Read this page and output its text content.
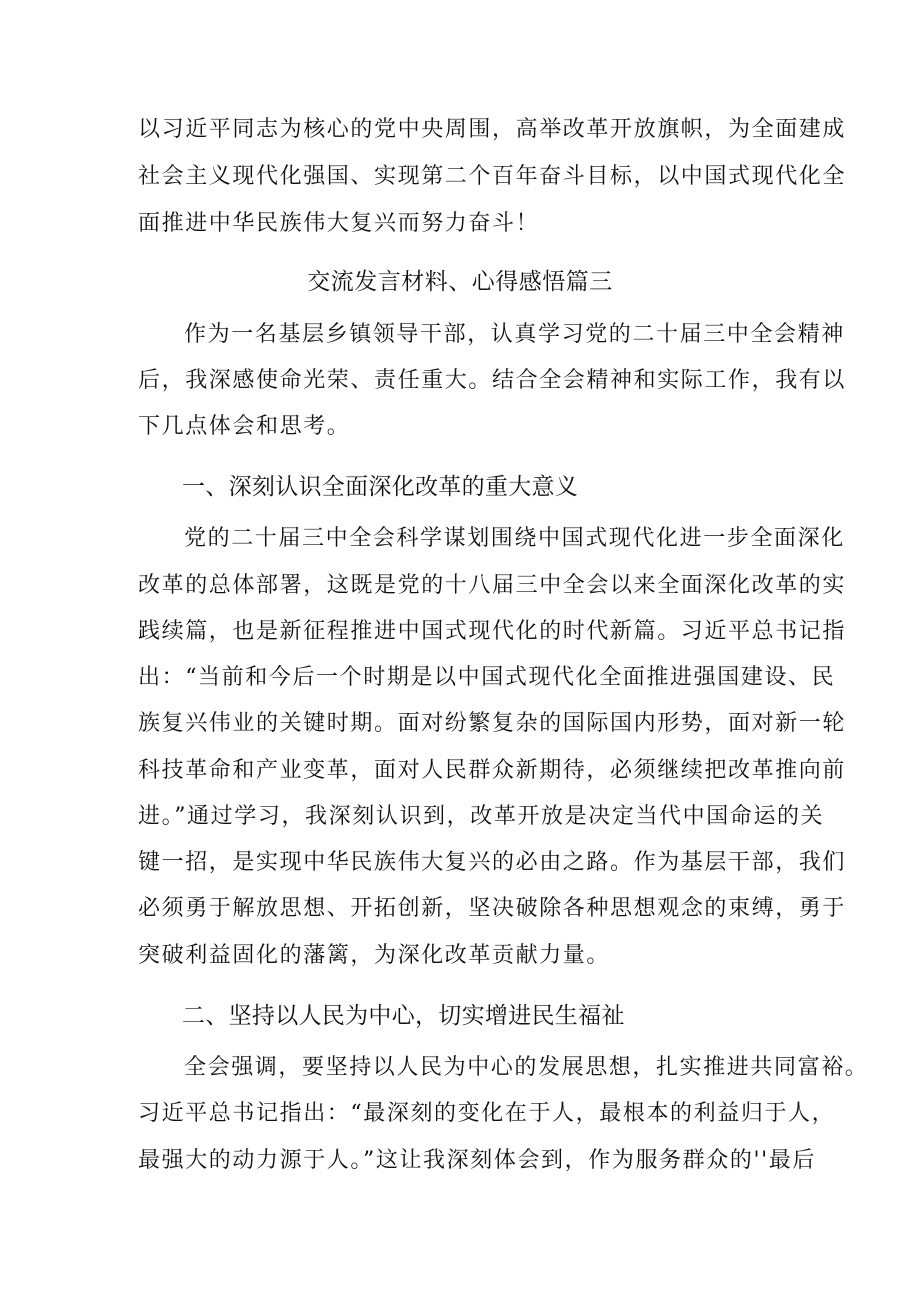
以习近平同志为核心的党中央周围，高举改革开放旗帜，为全面建成
社会主义现代化强国、实现第二个百年奋斗目标，以中国式现代化全
面推进中华民族伟大复兴而努力奋斗！
交流发言材料、心得感悟篇三
作为一名基层乡镇领导干部，认真学习党的二十届三中全会精神
后，我深感使命光荣、责任重大。结合全会精神和实际工作，我有以
下几点体会和思考。
一、深刻认识全面深化改革的重大意义
党的二十届三中全会科学谋划围绕中国式现代化进一步全面深化
改革的总体部署，这既是党的十八届三中全会以来全面深化改革的实
践续篇，也是新征程推进中国式现代化的时代新篇。习近平总书记指
出：“当前和今后一个时期是以中国式现代化全面推进强国建设、民
族复兴伟业的关键时期。面对纷繁复杂的国际国内形势，面对新一轮
科技革命和产业变革，面对人民群众新期待，必须继续把改革推向前
进。”通过学习，我深刻认识到，改革开放是决定当代中国命运的关
键一招，是实现中华民族伟大复兴的必由之路。作为基层干部，我们
必须勇于解放思想、开拓创新，坚决破除各种思想观念的束缚，勇于
突破利益固化的藩篱，为深化改革贡献力量。
二、坚持以人民为中心，切实增进民生福祉
全会强调，要坚持以人民为中心的发展思想，扎实推进共同富裕。
习近平总书记指出：“最深刻的变化在于人，最根本的利益归于人，
最强大的动力源于人。”这让我深刻体会到，作为服务群众的''最后
